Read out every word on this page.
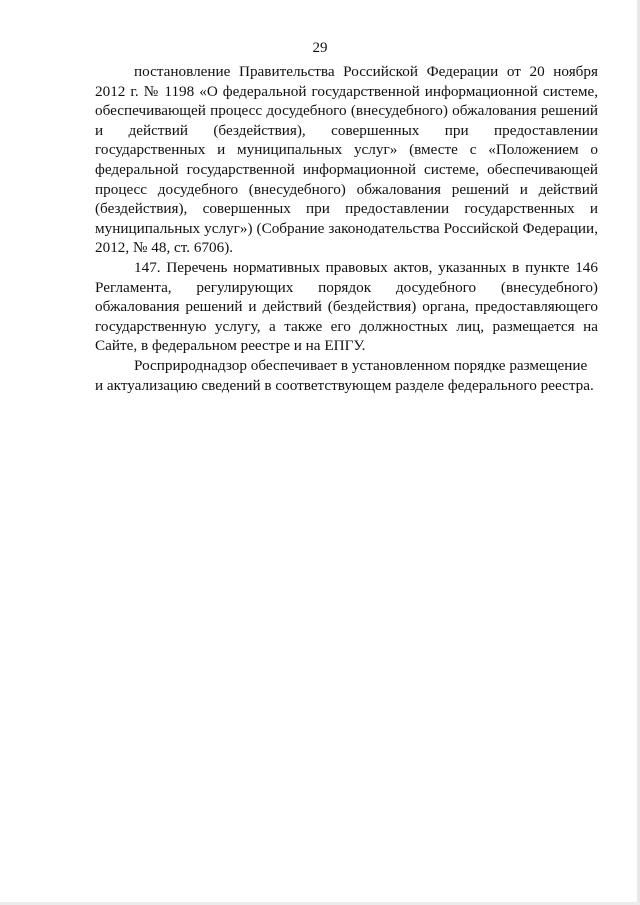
29

постановление Правительства Российской Федерации от 20 ноября 2012 г. № 1198 «О федеральной государственной информационной системе, обеспечивающей процесс досудебного (внесудебного) обжалования решений и действий (бездействия), совершенных при предоставлении государственных и муниципальных услуг» (вместе с «Положением о федеральной государственной информационной системе, обеспечивающей процесс досудебного (внесудебного) обжалования решений и действий (бездействия), совершенных при предоставлении государственных и муниципальных услуг») (Собрание законодательства Российской Федерации, 2012, № 48, ст. 6706).

147. Перечень нормативных правовых актов, указанных в пункте 146 Регламента, регулирующих порядок досудебного (внесудебного) обжалования решений и действий (бездействия) органа, предоставляющего государственную услугу, а также его должностных лиц, размещается на Сайте, в федеральном реестре и на ЕПГУ.

Росприроднадзор обеспечивает в установленном порядке размещение и актуализацию сведений в соответствующем разделе федерального реестра.
